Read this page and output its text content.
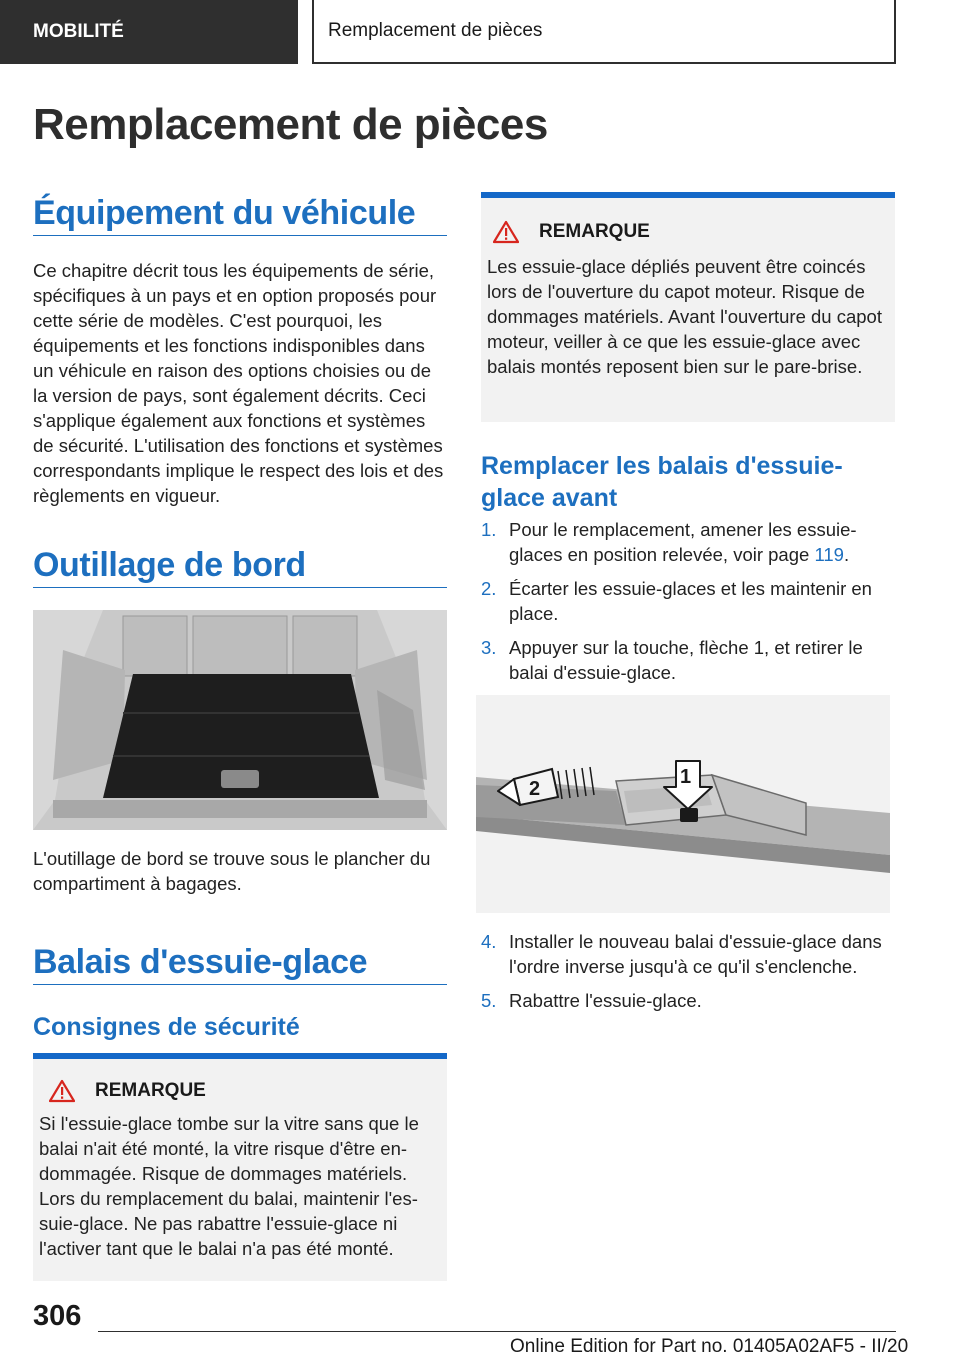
MOBILITÉ	Remplacement de pièces
Remplacement de pièces
Équipement du véhicule

Ce chapitre décrit tous les équipements de série, spécifiques à un pays et en option proposés pour cette série de modèles. C'est pourquoi, les équipements et les fonctions indisponibles dans un véhicule en raison des options choisies ou de la version de pays, sont également décrits. Ceci s'applique également aux fonctions et systèmes de sécurité. L'utilisation des fonctions et systèmes correspondants implique le respect des lois et des règlements en vigueur.

Outillage de bord

L'outillage de bord se trouve sous le plancher du compartiment à bagages.

Balais d'essuie-glace
Consignes de sécurité
REMARQUE

Si l'essuie-glace tombe sur la vitre sans que le balai n'ait été monté, la vitre risque d'être endommagée. Risque de dommages matériels. Lors du remplacement du balai, maintenir l'essuie-glace. Ne pas rabattre l'essuie-glace ni l'activer tant que le balai n'a pas été monté.

REMARQUE

Les essuie-glace dépliés peuvent être coincés lors de l'ouverture du capot moteur. Risque de dommages matériels. Avant l'ouverture du capot moteur, veiller à ce que les essuie-glace avec balais montés reposent bien sur le pare-brise.

Remplacer les balais d'essuie-glace avant
1. Pour le remplacement, amener les essuie-glaces en position relevée, voir page 119.
2. Écarter les essuie-glaces et les maintenir en place.
3. Appuyer sur la touche, flèche 1, et retirer le balai d'essuie-glace.
2
1
4. Installer le nouveau balai d'essuie-glace dans l'ordre inverse jusqu'à ce qu'il s'enclenche.
5. Rabattre l'essuie-glace.
306
Online Edition for Part no. 01405A02AF5 - II/20
